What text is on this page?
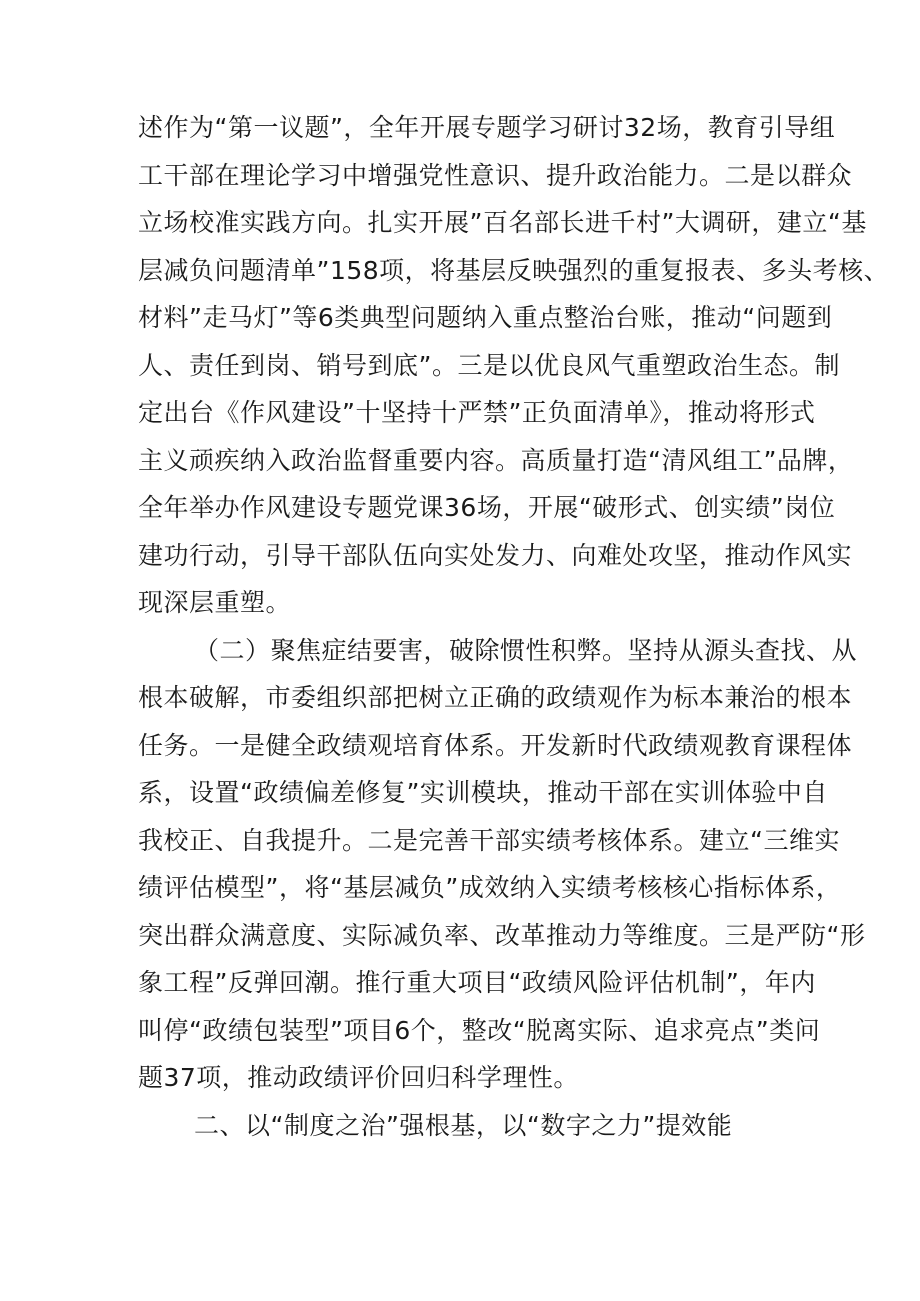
述作为“第一议题”，全年开展专题学习研讨32场，教育引导组
工干部在理论学习中增强党性意识、提升政治能力。二是以群众
立场校准实践方向。扎实开展”百名部长进千村”大调研，建立“基
层减负问题清单”158项，将基层反映强烈的重复报表、多头考核、
材料”走马灯”等6类典型问题纳入重点整治台账，推动“问题到
人、责任到岗、销号到底”。三是以优良风气重塑政治生态。制
定出台《作风建设”十坚持十严禁”正负面清单》，推动将形式
主义顽疾纳入政治监督重要内容。高质量打造“清风组工”品牌，
全年举办作风建设专题党课36场，开展“破形式、创实绩”岗位
建功行动，引导干部队伍向实处发力、向难处攻坚，推动作风实
现深层重塑。
（二）聚焦症结要害，破除惯性积弊。坚持从源头查找、从
根本破解，市委组织部把树立正确的政绩观作为标本兼治的根本
任务。一是健全政绩观培育体系。开发新时代政绩观教育课程体
系，设置“政绩偏差修复”实训模块，推动干部在实训体验中自
我校正、自我提升。二是完善干部实绩考核体系。建立“三维实
绩评估模型”，将“基层减负”成效纳入实绩考核核心指标体系，
突出群众满意度、实际减负率、改革推动力等维度。三是严防“形
象工程”反弹回潮。推行重大项目“政绩风险评估机制”，年内
叫停“政绩包装型”项目6个，整改“脱离实际、追求亮点”类问
题37项，推动政绩评价回归科学理性。
二、以“制度之治”强根基，以“数字之力”提效能
